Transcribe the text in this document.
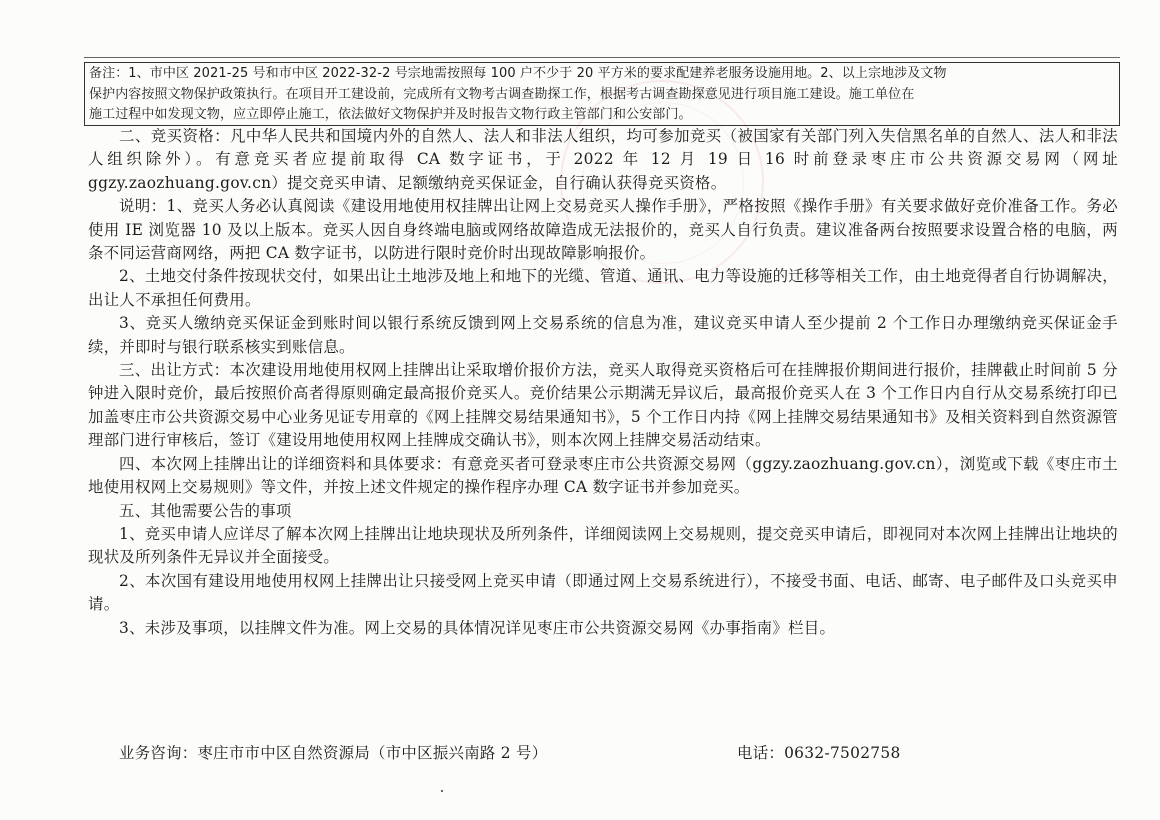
备注：1、市中区 2021-25 号和市中区 2022-32-2 号宗地需按照每 100 户不少于 20 平方米的要求配建养老服务设施用地。2、以上宗地涉及文物

保护内容按照文物保护政策执行。在项目开工建设前，完成所有文物考古调查勘探工作，根据考古调查勘探意见进行项目施工建设。施工单位在

施工过程中如发现文物，应立即停止施工，依法做好文物保护并及时报告文物行政主管部门和公安部门。

二、竞买资格：凡中华人民共和国境内外的自然人、法人和非法人组织，均可参加竞买（被国家有关部门列入失信黑名单的自然人、法人和非法人组织除外）。有意竞买者应提前取得 CA 数字证书，于 2022 年 12 月 19 日 16 时前登录枣庄市公共资源交易网（网址 ggzy.zaozhuang.gov.cn）提交竞买申请、足额缴纳竞买保证金，自行确认获得竞买资格。

说明：1、竞买人务必认真阅读《建设用地使用权挂牌出让网上交易竞买人操作手册》，严格按照《操作手册》有关要求做好竞价准备工作。务必使用 IE 浏览器 10 及以上版本。竞买人因自身终端电脑或网络故障造成无法报价的，竞买人自行负责。建议准备两台按照要求设置合格的电脑，两条不同运营商网络，两把 CA 数字证书，以防进行限时竞价时出现故障影响报价。

2、土地交付条件按现状交付，如果出让土地涉及地上和地下的光缆、管道、通讯、电力等设施的迁移等相关工作，由土地竞得者自行协调解决，出让人不承担任何费用。

3、竞买人缴纳竞买保证金到账时间以银行系统反馈到网上交易系统的信息为准，建议竞买申请人至少提前 2 个工作日办理缴纳竞买保证金手续，并即时与银行联系核实到账信息。

三、出让方式：本次建设用地使用权网上挂牌出让采取增价报价方法，竞买人取得竞买资格后可在挂牌报价期间进行报价，挂牌截止时间前 5 分钟进入限时竞价，最后按照价高者得原则确定最高报价竞买人。竞价结果公示期满无异议后，最高报价竞买人在 3 个工作日内自行从交易系统打印已加盖枣庄市公共资源交易中心业务见证专用章的《网上挂牌交易结果通知书》，5 个工作日内持《网上挂牌交易结果通知书》及相关资料到自然资源管理部门进行审核后，签订《建设用地使用权网上挂牌成交确认书》，则本次网上挂牌交易活动结束。

四、本次网上挂牌出让的详细资料和具体要求：有意竞买者可登录枣庄市公共资源交易网（ggzy.zaozhuang.gov.cn），浏览或下载《枣庄市土地使用权网上交易规则》等文件，并按上述文件规定的操作程序办理 CA 数字证书并参加竞买。

五、其他需要公告的事项

1、竞买申请人应详尽了解本次网上挂牌出让地块现状及所列条件，详细阅读网上交易规则，提交竞买申请后，即视同对本次网上挂牌出让地块的现状及所列条件无异议并全面接受。

2、本次国有建设用地使用权网上挂牌出让只接受网上竞买申请（即通过网上交易系统进行），不接受书面、电话、邮寄、电子邮件及口头竞买申请。

3、未涉及事项，以挂牌文件为准。网上交易的具体情况详见枣庄市公共资源交易网《办事指南》栏目。

业务咨询：枣庄市市中区自然资源局（市中区振兴南路 2 号）	电话：0632-7502758
